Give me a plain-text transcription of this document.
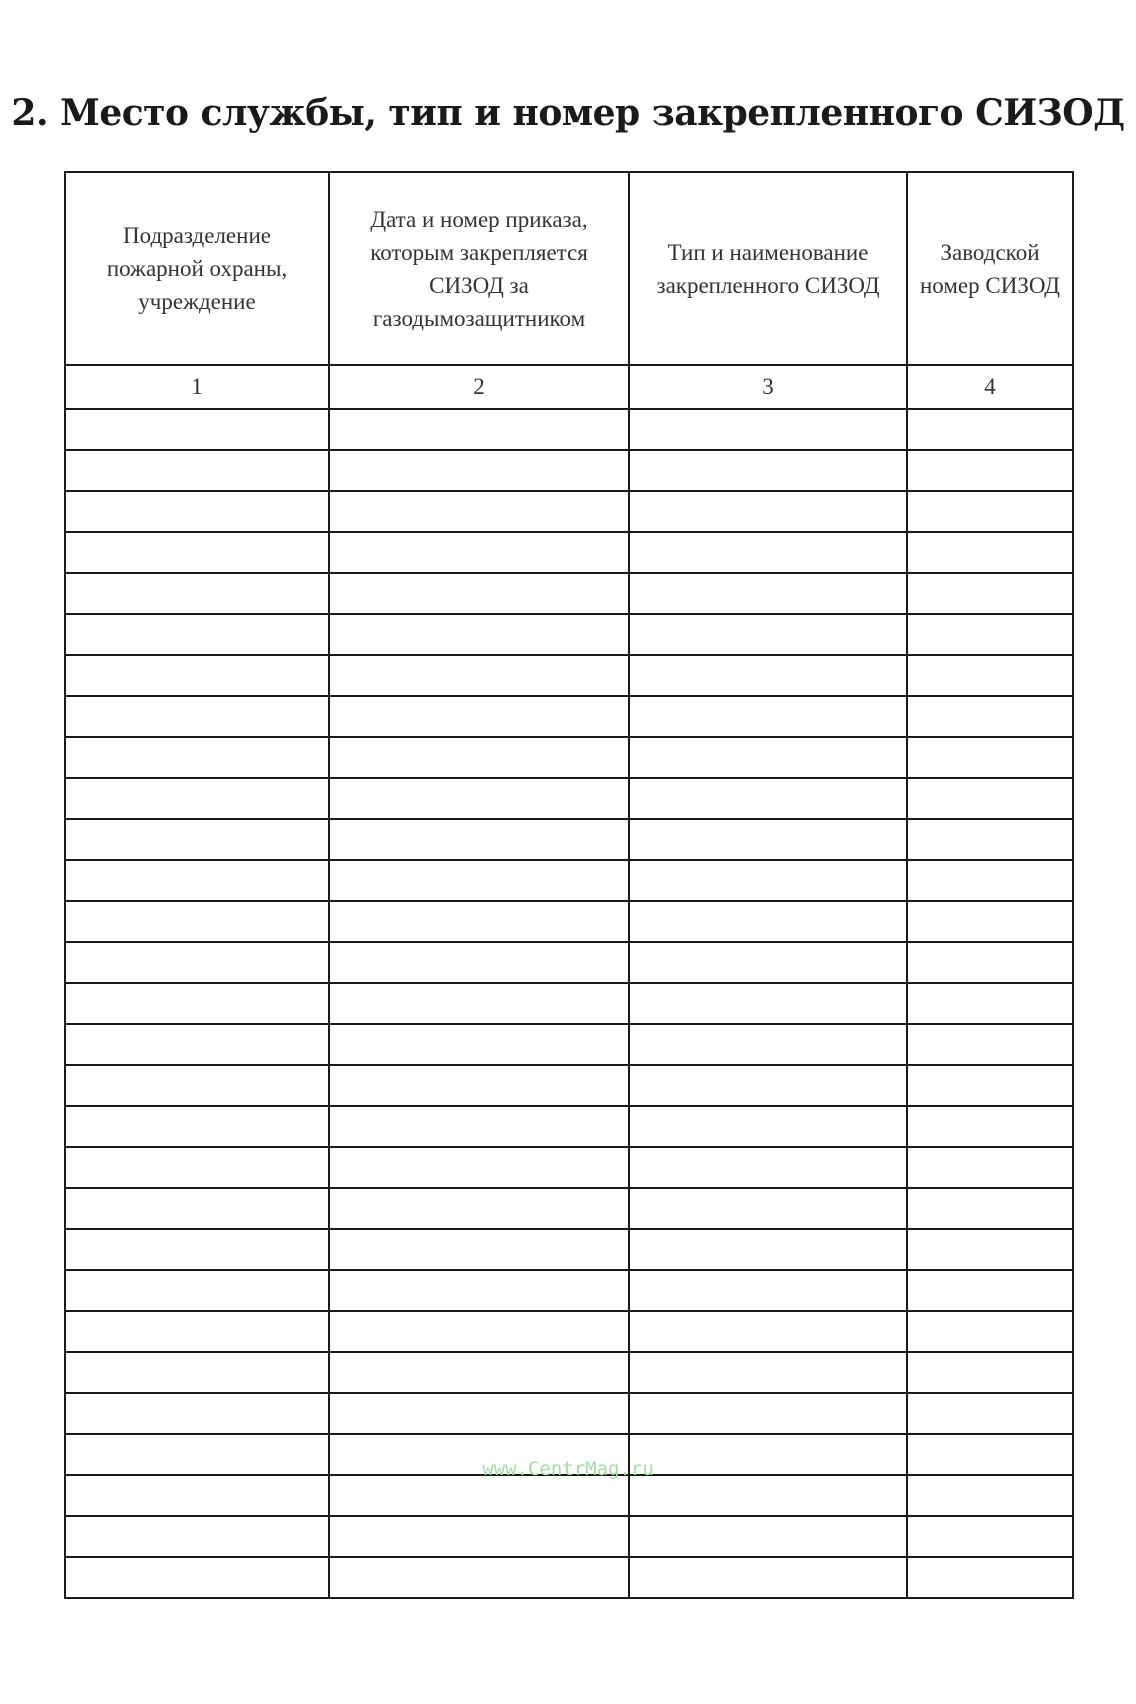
2. Место службы, тип и номер закрепленного СИЗОД
Подразделение пожарной охраны, учреждение	Дата и номер приказа, которым закрепляется СИЗОД за газодымозащитником	Тип и наименование закрепленного СИЗОД	Заводской номер СИЗОД
1	2	3	4

www.CentrMag.ru
